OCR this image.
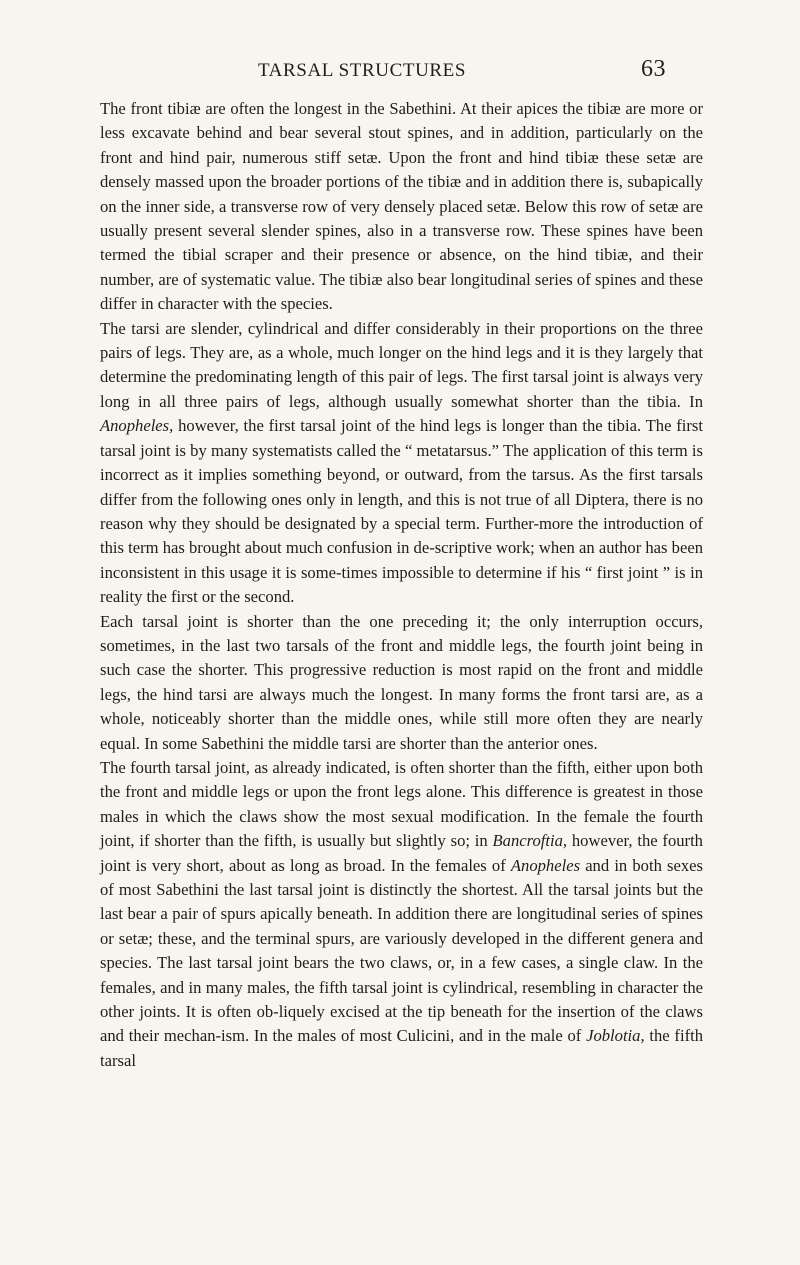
TARSAL STRUCTURES	63

The front tibiæ are often the longest in the Sabethini. At their apices the tibiæ are more or less excavate behind and bear several stout spines, and in addition, particularly on the front and hind pair, numerous stiff setæ. Upon the front and hind tibiæ these setæ are densely massed upon the broader portions of the tibiæ and in addition there is, subapically on the inner side, a transverse row of very densely placed setæ. Below this row of setæ are usually present several slender spines, also in a transverse row. These spines have been termed the tibial scraper and their presence or absence, on the hind tibiæ, and their number, are of systematic value. The tibiæ also bear longitudinal series of spines and these differ in character with the species.

The tarsi are slender, cylindrical and differ considerably in their proportions on the three pairs of legs. They are, as a whole, much longer on the hind legs and it is they largely that determine the predominating length of this pair of legs. The first tarsal joint is always very long in all three pairs of legs, although usually somewhat shorter than the tibia. In Anopheles, however, the first tarsal joint of the hind legs is longer than the tibia. The first tarsal joint is by many systematists called the “ metatarsus.” The application of this term is incorrect as it implies something beyond, or outward, from the tarsus. As the first tarsals differ from the following ones only in length, and this is not true of all Diptera, there is no reason why they should be designated by a special term. Further-more the introduction of this term has brought about much confusion in de-scriptive work; when an author has been inconsistent in this usage it is some-times impossible to determine if his “ first joint ” is in reality the first or the second.

Each tarsal joint is shorter than the one preceding it; the only interruption occurs, sometimes, in the last two tarsals of the front and middle legs, the fourth joint being in such case the shorter. This progressive reduction is most rapid on the front and middle legs, the hind tarsi are always much the longest. In many forms the front tarsi are, as a whole, noticeably shorter than the middle ones, while still more often they are nearly equal. In some Sabethini the middle tarsi are shorter than the anterior ones.

The fourth tarsal joint, as already indicated, is often shorter than the fifth, either upon both the front and middle legs or upon the front legs alone. This difference is greatest in those males in which the claws show the most sexual modification. In the female the fourth joint, if shorter than the fifth, is usually but slightly so; in Bancroftia, however, the fourth joint is very short, about as long as broad. In the females of Anopheles and in both sexes of most Sabethini the last tarsal joint is distinctly the shortest. All the tarsal joints but the last bear a pair of spurs apically beneath. In addition there are longitudinal series of spines or setæ; these, and the terminal spurs, are variously developed in the different genera and species. The last tarsal joint bears the two claws, or, in a few cases, a single claw. In the females, and in many males, the fifth tarsal joint is cylindrical, resembling in character the other joints. It is often ob-liquely excised at the tip beneath for the insertion of the claws and their mechan-ism. In the males of most Culicini, and in the male of Joblotia, the fifth tarsal
